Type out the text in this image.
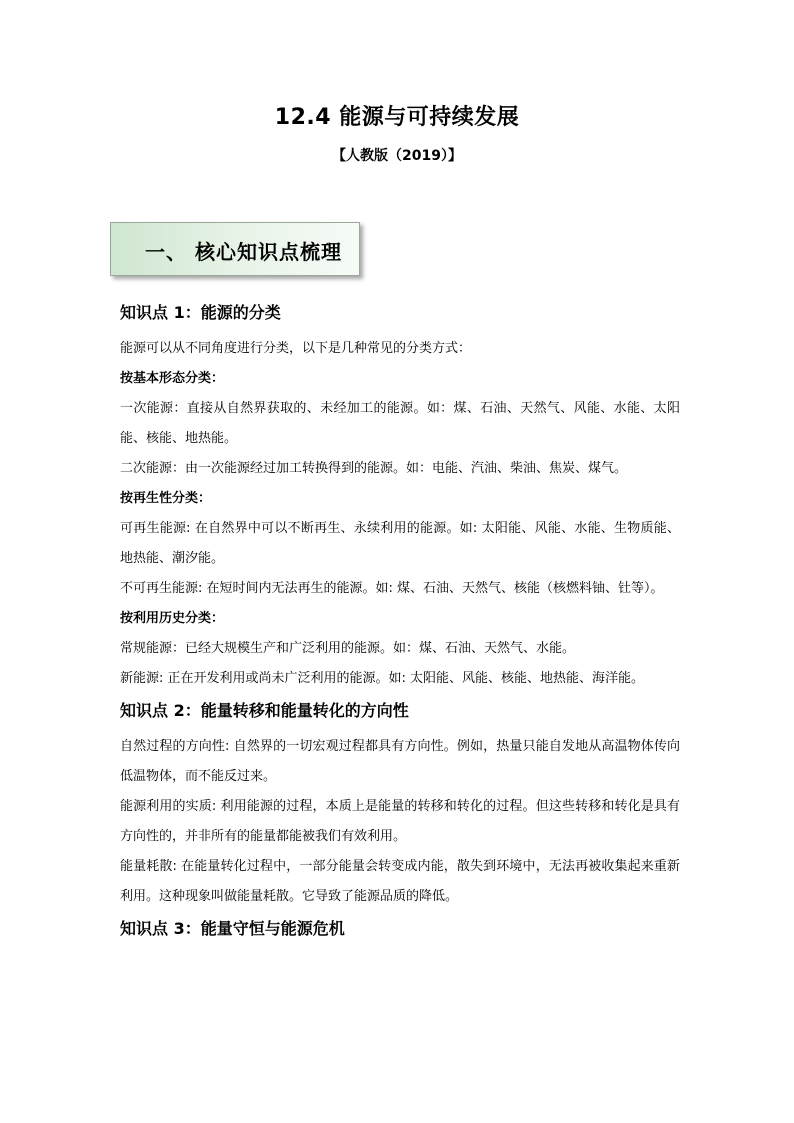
12.4 能源与可持续发展
【人教版（2019）】
一、 核心知识点梳理
知识点 1：能源的分类

能源可以从不同角度进行分类，以下是几种常见的分类方式：

按基本形态分类：

一次能源：直接从自然界获取的、未经加工的能源。如：煤、石油、天然气、风能、水能、太阳能、核能、地热能。

二次能源：由一次能源经过加工转换得到的能源。如：电能、汽油、柴油、焦炭、煤气。

按再生性分类：

可再生能源: 在自然界中可以不断再生、永续利用的能源。如: 太阳能、风能、水能、生物质能、地热能、潮汐能。

不可再生能源: 在短时间内无法再生的能源。如: 煤、石油、天然气、核能（核燃料铀、钍等）。

按利用历史分类：

常规能源：已经大规模生产和广泛利用的能源。如：煤、石油、天然气、水能。

新能源: 正在开发利用或尚未广泛利用的能源。如: 太阳能、风能、核能、地热能、海洋能。

知识点 2：能量转移和能量转化的方向性

自然过程的方向性: 自然界的一切宏观过程都具有方向性。例如，热量只能自发地从高温物体传向低温物体，而不能反过来。

能源利用的实质: 利用能源的过程，本质上是能量的转移和转化的过程。但这些转移和转化是具有方向性的，并非所有的能量都能被我们有效利用。

能量耗散: 在能量转化过程中，一部分能量会转变成内能，散失到环境中，无法再被收集起来重新利用。这种现象叫做能量耗散。它导致了能源品质的降低。

知识点 3：能量守恒与能源危机
